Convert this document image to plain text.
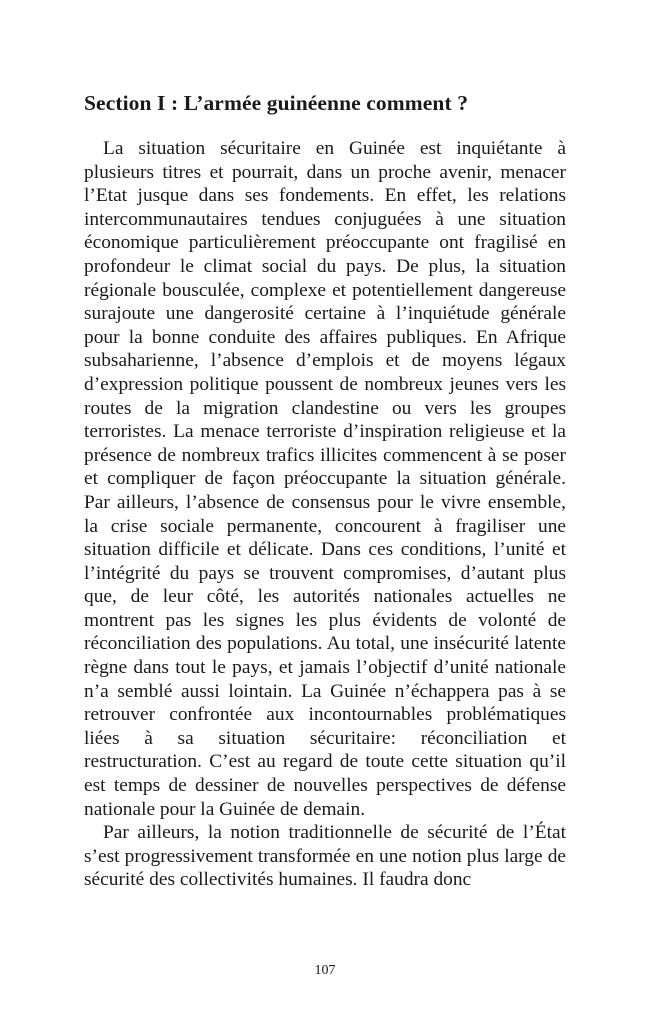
Section I : L’armée guinéenne comment ?

La situation sécuritaire en Guinée est inquiétante à plusieurs titres et pourrait, dans un proche avenir, menacer l’Etat jusque dans ses fondements. En effet, les relations intercommunautaires tendues conjuguées à une situation économique particulièrement préoccupante ont fragilisé en profondeur le climat social du pays. De plus, la situation régionale bousculée, complexe et potentiellement dangereuse surajoute une dangerosité certaine à l’inquiétude générale pour la bonne conduite des affaires publiques. En Afrique subsaharienne, l’absence d’emplois et de moyens légaux d’expression politique poussent de nombreux jeunes vers les routes de la migration clandestine ou vers les groupes terroristes. La menace terroriste d’inspiration religieuse et la présence de nombreux trafics illicites commencent à se poser et compliquer de façon préoccupante la situation générale. Par ailleurs, l’absence de consensus pour le vivre ensemble, la crise sociale permanente, concourent à fragiliser une situation difficile et délicate. Dans ces conditions, l’unité et l’intégrité du pays se trouvent compromises, d’autant plus que, de leur côté, les autorités nationales actuelles ne montrent pas les signes les plus évidents de volonté de réconciliation des populations. Au total, une insécurité latente règne dans tout le pays, et jamais l’objectif d’unité nationale n’a semblé aussi lointain. La Guinée n’échappera pas à se retrouver confrontée aux incontournables problématiques liées à sa situation sécuritaire: réconciliation et restructuration. C’est au regard de toute cette situation qu’il est temps de dessiner de nouvelles perspectives de défense nationale pour la Guinée de demain.

Par ailleurs, la notion traditionnelle de sécurité de l’État s’est progressivement transformée en une notion plus large de sécurité des collectivités humaines. Il faudra donc

107
